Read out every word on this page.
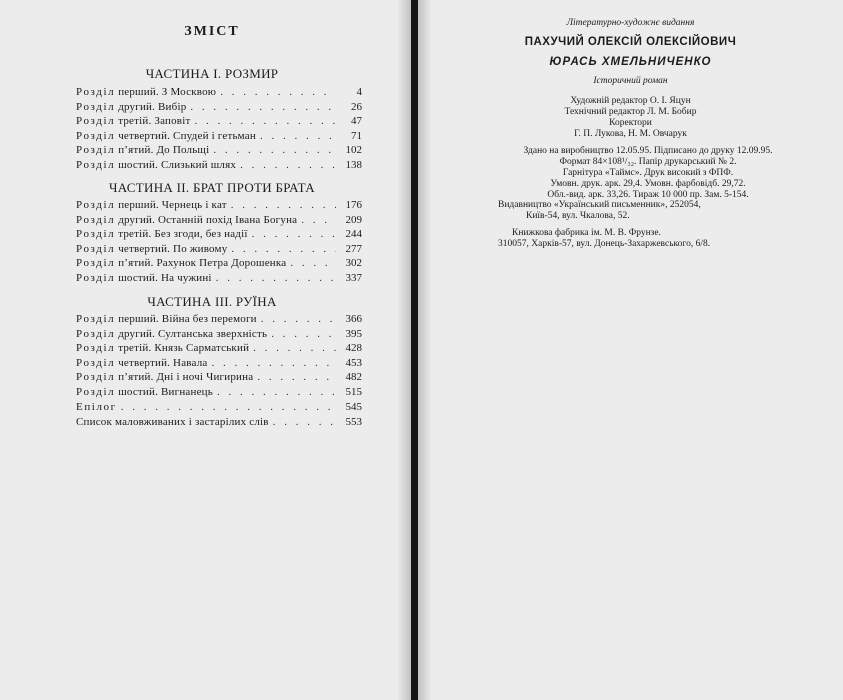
ЗМІСТ
ЧАСТИНА І. РОЗМИР
Розділ перший. З Москвою . . .	4
Розділ другий. Вибір . . .	26
Розділ третій. Заповіт . . .	47
Розділ четвертий. Спудей і гетьман . . .	71
Розділ п’ятий. До Польщі . . .	102
Розділ шостий. Слизький шлях . . .	138
ЧАСТИНА ІІ. БРАТ ПРОТИ БРАТА
Розділ перший. Чернець і кат . . .	176
Розділ другий. Останній похід Івана Богуна . . .	209
Розділ третій. Без згоди, без надії . . .	244
Розділ четвертий. По живому . . .	277
Розділ п’ятий. Рахунок Петра Дорошенка . . .	302
Розділ шостий. На чужині . . .	337
ЧАСТИНА ІІІ. РУЇНА
Розділ перший. Війна без перемоги . . .	366
Розділ другий. Султанська зверхність . . .	395
Розділ третій. Князь Сарматський . . .	428
Розділ четвертий. Навала . . .	453
Розділ п’ятий. Дні і ночі Чигирина . . .	482
Розділ шостий. Вигнанець . . .	515
Епілог . . .	545
Список маловживаних і застарілих слів . . .	553
Літературно-художнє видання
ПАХУЧИЙ ОЛЕКСІЙ ОЛЕКСІЙОВИЧ
ЮРАСЬ ХМЕЛЬНИЧЕНКО
Історичний роман
Художній редактор О. І. Яцун
Технічний редактор Л. М. Бобир
Коректори
Г. П. Лукова, Н. М. Овчарук
Здано на виробництво 12.05.95. Підписано до друку 12.09.95.
Формат 84×108¹/₃₂. Папір друкарський № 2.
Гарнітура «Таймс». Друк високий з ФПФ.
Умовн. друк. арк. 29,4. Умовн. фарбовідб. 29,72.
Обл.-вид. арк. 33,26. Тираж 10 000 пр. Зам. 5-154.
Видавництво «Український письменник», 252054,
Київ-54, вул. Чкалова, 52.
Книжкова фабрика ім. М. В. Фрунзе.
310057, Харків-57, вул. Донець-Захаржевського, 6/8.
